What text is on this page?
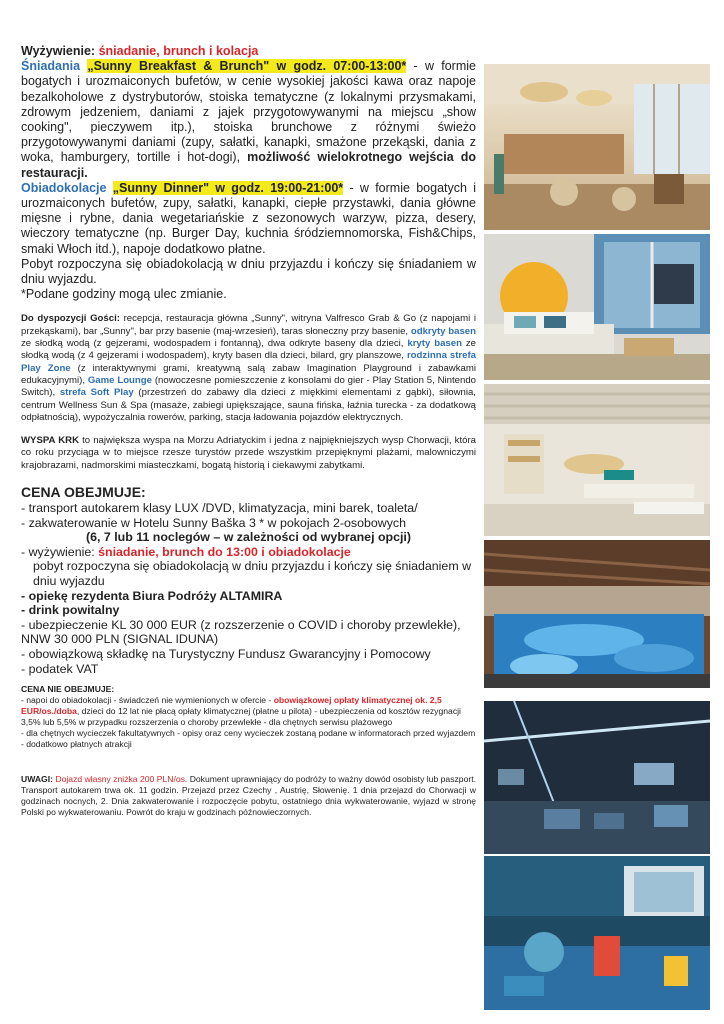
Wyżywienie: śniadanie, brunch i kolacja

Śniadania „Sunny Breakfast & Brunch" w godz. 07:00-13:00* - w formie bogatych i urozmaiconych bufetów, w cenie wysokiej jakości kawa oraz napoje bezalkoholowe z dystrybutorów, stoiska tematyczne (z lokalnymi przysmakami, zdrowym jedzeniem, daniami z jajek przygotowywanymi na miejscu „show cooking", pieczywem itp.), stoiska brunchowe z różnymi świeżo przygotowywanymi daniami (zupy, sałatki, kanapki, smażone przekąski, dania z woka, hamburgery, tortille i hot-dogi), możliwość wielokrotnego wejścia do restauracji.

Obiadokolacje „Sunny Dinner" w godz. 19:00-21:00* - w formie bogatych i urozmaiconych bufetów, zupy, sałatki, kanapki, ciepłe przystawki, dania główne mięsne i rybne, dania wegetariańskie z sezonowych warzyw, pizza, desery, wieczory tematyczne (np. Burger Day, kuchnia śródziemnomorska, Fish&Chips, smaki Włoch itd.), napoje dodatkowo płatne.

Pobyt rozpoczyna się obiadokolacją w dniu przyjazdu i kończy się śniadaniem w dniu wyjazdu.

*Podane godziny mogą ulec zmianie.

Do dyspozycji Gości: recepcja, restauracja główna „Sunny", witryna Valfresco Grab & Go (z napojami i przekąskami), bar „Sunny", bar przy basenie (maj-wrzesień), taras słoneczny przy basenie, odkryty basen ze słodką wodą (z gejzerami, wodospadem i fontanną), dwa odkryte baseny dla dzieci, kryty basen ze słodką wodą (z 4 gejzerami i wodospadem), kryty basen dla dzieci, bilard, gry planszowe, rodzinna strefa Play Zone (z interaktywnymi grami, kreatywną salą zabaw Imagination Playground i zabawkami edukacyjnymi), Game Lounge (nowoczesne pomieszczenie z konsolami do gier - Play Station 5, Nintendo Switch), strefa Soft Play (przestrzeń do zabawy dla dzieci z miękkimi elementami z gąbki), siłownia, centrum Wellness Sun & Spa (masaże, zabiegi upiększające, sauna fińska, łaźnia turecka - za dodatkową odpłatnością), wypożyczalnia rowerów, parking, stacja ładowania pojazdów elektrycznych.

WYSPA KRK to największa wyspa na Morzu Adriatyckim i jedna z najpiękniejszych wysp Chorwacji, która co roku przyciąga w to miejsce rzesze turystów przede wszystkim przepięknymi plażami, malowniczymi krajobrazami, nadmorskimi miasteczkami, bogatą historią i ciekawymi zabytkami.

CENA OBEJMUJE:

- transport autokarem klasy LUX /DVD, klimatyzacja, mini barek, toaleta/

- zakwaterowanie w Hotelu Sunny Baška 3 * w pokojach 2-osobowych

(6, 7 lub 11 noclegów – w zależności od wybranej opcji)

- wyżywienie: śniadanie, brunch do 13:00 i obiadokolacje

pobyt rozpoczyna się obiadokolacją w dniu przyjazdu i kończy się śniadaniem w dniu wyjazdu

- opiekę rezydenta Biura Podróży ALTAMIRA

- drink powitalny

- ubezpieczenie KL 30 000 EUR (z rozszerzenie o COVID i choroby przewlekłe), NNW 30 000 PLN (SIGNAL IDUNA)

- obowiązkową składkę na Turystyczny Fundusz Gwarancyjny i Pomocowy

- podatek VAT

CENA NIE OBEJMUJE:

- napoi do obiadokolacji - świadczeń nie wymienionych w ofercie - obowiązkowej opłaty klimatycznej ok. 2,5 EUR/os./doba, dzieci do 12 lat nie płacą opłaty klimatycznej (płatne u pilota) - ubezpieczenia od kosztów rezygnacji 3,5% lub 5,5% w przypadku rozszerzenia o choroby przewlekłe - dla chętnych serwisu plażowego

- dla chętnych wycieczek fakultatywnych - opisy oraz ceny wycieczek zostaną podane w informatorach przed wyjazdem

- dodatkowo płatnych atrakcji

UWAGI: Dojazd własny zniżka 200 PLN/os. Dokument uprawniający do podróży to ważny dowód osobisty lub paszport. Transport autokarem trwa ok. 11 godzin. Przejazd przez Czechy , Austrię, Słowenię. 1 dnia przejazd do Chorwacji w godzinach nocnych, 2. Dnia zakwaterowanie i rozpoczęcie pobytu, ostatniego dnia wykwaterowanie, wyjazd w stronę Polski po wykwaterowaniu. Powrót do kraju w godzinach późnowieczornych.
